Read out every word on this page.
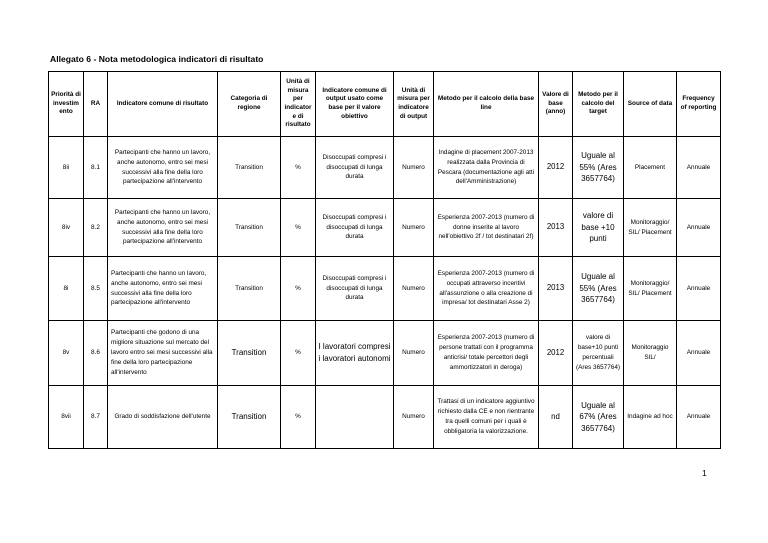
Allegato 6 - Nota metodologica indicatori di risultato
Priorità di investim ento	RA	Indicatore comune di risultato	Categoria di regione	Unità di misura per indicator e di risultato	Indicatore comune di output usato come base per il valore obiettivo	Unità di misura per indicatore di output	Metodo per il calcolo della base line	Valore di base (anno)	Metodo per il calcolo del target	Source of data	Frequency of reporting
8ii	8.1	Partecipanti che hanno un lavoro, anche autonomo, entro sei mesi successivi alla fine della loro partecipazione all'intervento	Transition	%	Disoccupati compresi i disoccupati di lunga durata	Numero	Indagine di placement 2007-2013 realizzata dalla Provincia di Pescara (documentazione agli atti dell'Amministrazione)	2012	Uguale al 55% (Ares 3657764)	Placement	Annuale
8iv	8.2	Partecipanti che hanno un lavoro, anche autonomo, entro sei mesi successivi alla fine della loro partecipazione all'intervento	Transition	%	Disoccupati compresi i disoccupati di lunga durata	Numero	Esperienza 2007-2013 (numero di donne inserite al lavoro nell'obiettivo 2f / tot destinatari 2f)	2013	valore di base +10 punti	Monitoraggio/ SIL/ Placement	Annuale
8i	8.5	Partecipanti che hanno un lavoro, anche autonomo, entro sei mesi successivi alla fine della loro partecipazione all'intervento	Transition	%	Disoccupati compresi i disoccupati di lunga durata	Numero	Esperienza 2007-2013 (numero di occupati attraverso incentivi all'assunzione o alla creazione di impresa/ tot destinatari Asse 2)	2013	Uguale al 55% (Ares 3657764)	Monitoraggio/ SIL/ Placement	Annuale
8v	8.6	Partecipanti che godono di una migliore situazione sul mercato del lavoro entro sei mesi successivi alla fine della loro partecipazione all'intervento	Transition	%	I lavoratori compresi i lavoratori autonomi	Numero	Esperienza 2007-2013 (numero di persone trattati con il programma anticrisi/ totale percettori degli ammortizzatori in deroga)	2012	valore di base+10 punti percentuali (Ares 3657764)	Monitoraggio SIL/	Annuale
8vii	8.7	Grado di soddisfazione dell'utente	Transition	%		Numero	Trattasi di un indicatore aggiuntivo richiesto dalla CE e non rientrante tra quelli comuni per i quali è obbligatoria la valorizzazione.	nd	Uguale al 67% (Ares 3657764)	Indagine ad hoc	Annuale
1
